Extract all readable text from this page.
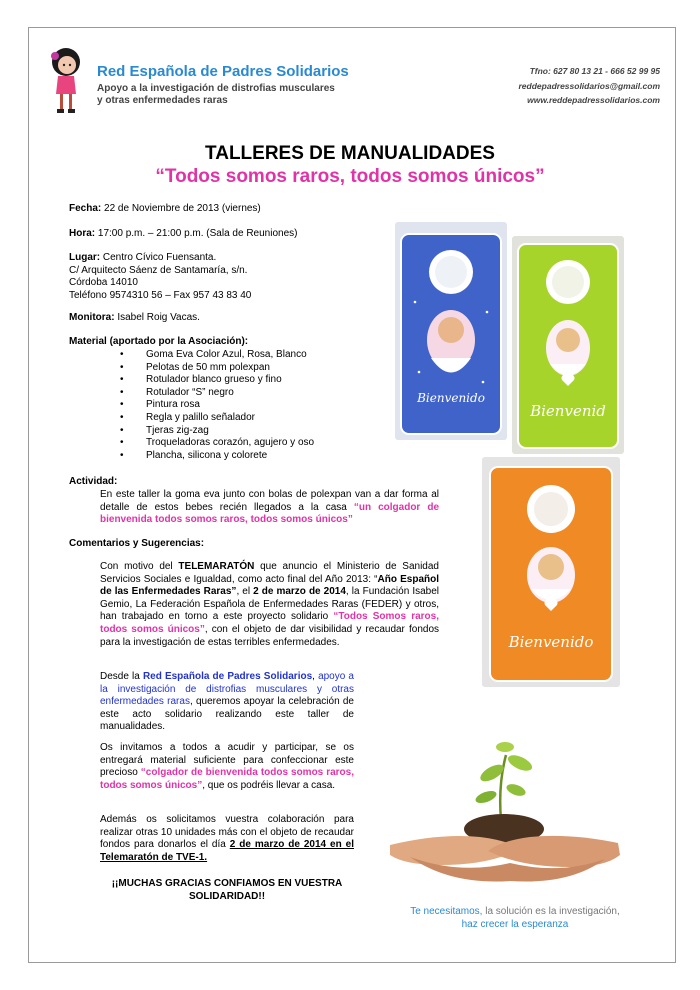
Red Española de Padres Solidarios
Apoyo a la investigación de distrofias musculares
y otras enfermedades raras
Tfno: 627 80 13 21 - 666 52 99 95
reddepadressolidarios@gmail.com
www.reddepadressolidarios.com
TALLERES DE MANUALIDADES
“Todos somos raros, todos somos únicos”
Fecha: 22 de Noviembre de 2013 (viernes)
Hora: 17:00 p.m. – 21:00 p.m. (Sala de Reuniones)
Lugar: Centro Cívico Fuensanta.
C/ Arquitecto Sáenz de Santamaría, s/n.
Córdoba 14010
Teléfono 9574310 56 – Fax 957 43 83 40
Monitora: Isabel Roig Vacas.
Material (aportado por la Asociación):
• Goma Eva Color Azul, Rosa, Blanco
• Pelotas de 50 mm polexpan
• Rotulador blanco grueso y fino
• Rotulador “S” negro
• Pintura rosa
• Regla y palillo señalador
• Tjeras zig-zag
• Troqueladoras corazón, agujero y oso
• Plancha, silicona y colorete
Actividad:
En este taller la goma eva junto con bolas de polexpan van a dar forma al detalle de estos bebes recién llegados a la casa “un colgador de bienvenida todos somos raros, todos somos únicos”
Comentarios y Sugerencias:
Con motivo del TELEMARATÓN que anuncio el Ministerio de Sanidad Servicios Sociales e Igualdad, como acto final del Año 2013: “Año Español de las Enfermedades Raras”, el 2 de marzo de 2014, la Fundación Isabel Gemio, La Federación Española de Enfermedades Raras (FEDER) y otros, han trabajado en torno a este proyecto solidario “Todos Somos raros, todos somos únicos”, con el objeto de dar visibilidad y recaudar fondos para la investigación de estas terribles enfermedades.
Desde la Red Española de Padres Solidarios, apoyo a la investigación de distrofias musculares y otras enfermedades raras, queremos apoyar la celebración de este acto solidario realizando este taller de manualidades.
Os invitamos a todos a acudir y participar, se os entregará material suficiente para confeccionar este precioso “colgador de bienvenida todos somos raros, todos somos únicos”, que os podréis llevar a casa.
Además os solicitamos vuestra colaboración para realizar otras 10 unidades más con el objeto de recaudar fondos para donarlos el día 2 de marzo de 2014 en el Telemaratón de TVE-1.
¡¡MUCHAS GRACIAS CONFIAMOS EN VUESTRA
SOLIDARIDAD!!
Bienvenido
Bienvenid
Bienvenido
Te necesitamos, la solución es la investigación,
haz crecer la esperanza
